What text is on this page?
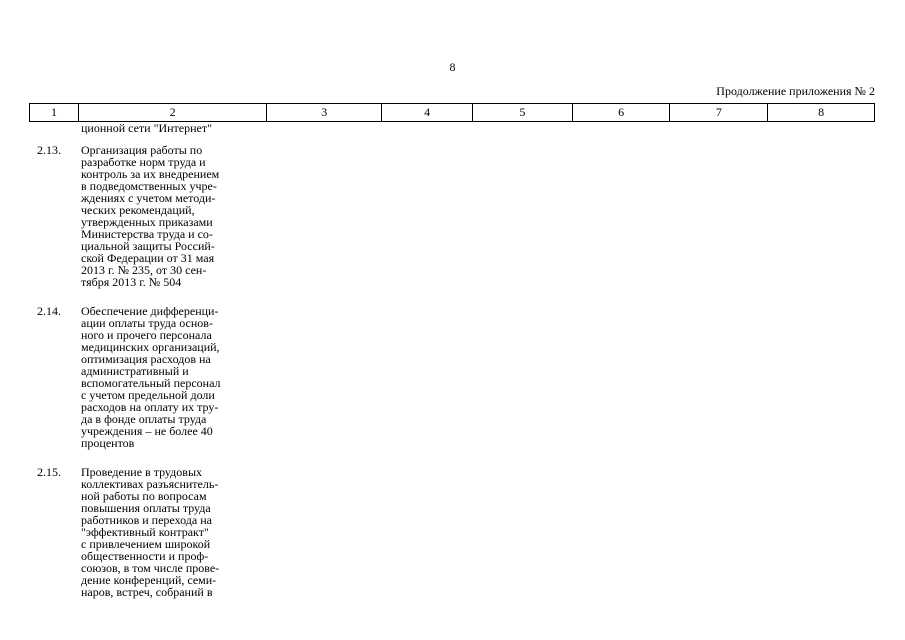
8
Продолжение приложения № 2
1	2	3	4	5	6	7	8
ционной сети "Интернет"
2.13. Организация работы по
разработке норм труда и
контроль за их внедрением
в подведомственных учре-
ждениях с учетом методи-
ческих рекомендаций,
утвержденных приказами
Министерства труда и со-
циальной защиты Россий-
ской Федерации от 31 мая
2013 г. № 235, от 30 сен-
тября 2013 г. № 504
2.14. Обеспечение дифференци-
ации оплаты труда основ-
ного и прочего персонала
медицинских организаций,
оптимизация расходов на
административный и
вспомогательный персонал
с учетом предельной доли
расходов на оплату их тру-
да в фонде оплаты труда
учреждения – не более 40
процентов
2.15. Проведение в трудовых
коллективах разъяснитель-
ной работы по вопросам
повышения оплаты труда
работников и перехода на
"эффективный контракт"
с привлечением широкой
общественности и проф-
союзов, в том числе прове-
дение конференций, семи-
наров, встреч, собраний в
